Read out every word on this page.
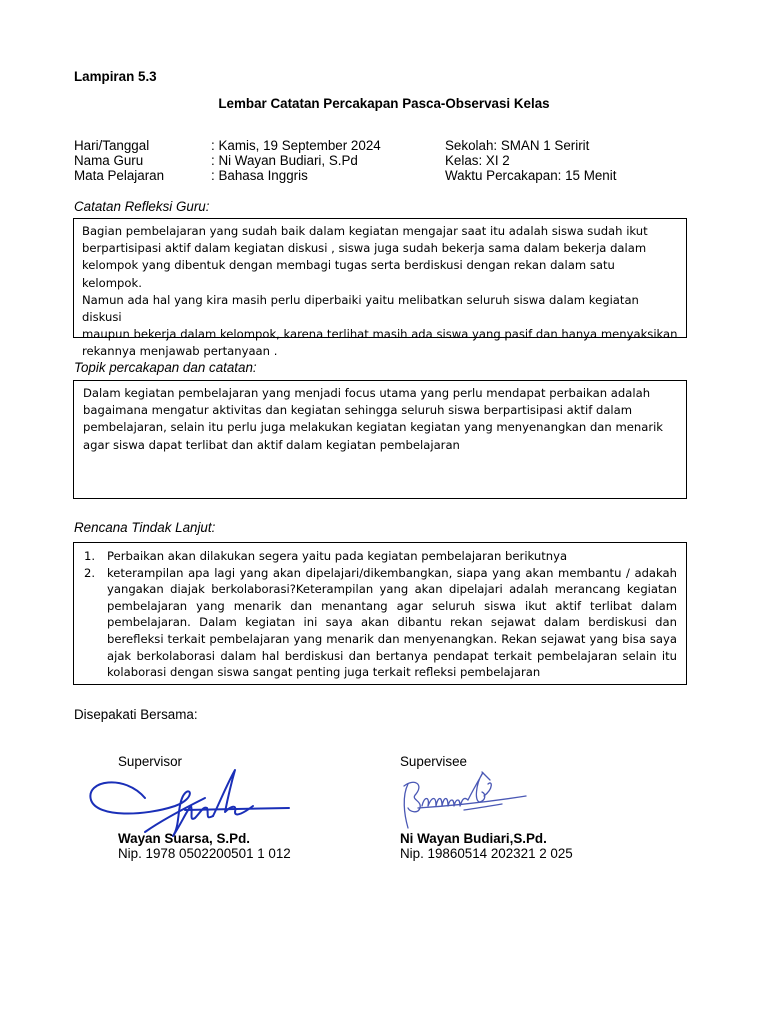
Lampiran 5.3
Lembar Catatan Percakapan Pasca-Observasi Kelas
Hari/Tanggal	: Kamis, 19 September 2024	Sekolah: SMAN 1 Seririt
Nama Guru	: Ni Wayan Budiari, S.Pd	Kelas: XI 2
Mata Pelajaran	: Bahasa Inggris	Waktu Percakapan: 15 Menit
Catatan Refleksi Guru:

Bagian pembelajaran yang sudah baik dalam kegiatan mengajar saat itu adalah siswa sudah ikut

berpartisipasi aktif dalam kegiatan diskusi , siswa juga sudah bekerja sama dalam bekerja dalam

kelompok yang dibentuk dengan membagi tugas serta berdiskusi dengan rekan dalam satu kelompok.

Namun ada hal yang kira masih perlu diperbaiki yaitu melibatkan seluruh siswa dalam kegiatan diskusi

maupun bekerja dalam kelompok, karena terlihat masih ada siswa yang pasif dan hanya menyaksikan

rekannya menjawab pertanyaan .

Topik percakapan dan catatan:

Dalam kegiatan pembelajaran yang menjadi focus utama yang perlu mendapat perbaikan adalah

bagaimana mengatur aktivitas dan kegiatan sehingga seluruh siswa berpartisipasi aktif dalam

pembelajaran, selain itu perlu juga melakukan kegiatan kegiatan yang menyenangkan dan menarik

agar siswa dapat terlibat dan aktif dalam kegiatan pembelajaran

Rencana Tindak Lanjut:
1. Perbaikan akan dilakukan segera yaitu pada kegiatan pembelajaran berikutnya
2. keterampilan apa lagi yang akan dipelajari/dikembangkan, siapa yang akan membantu / adakah yangakan diajak berkolaborasi?Keterampilan yang akan dipelajari adalah merancang kegiatan pembelajaran yang menarik dan menantang agar seluruh siswa ikut aktif terlibat dalam pembelajaran. Dalam kegiatan ini saya akan dibantu rekan sejawat dalam berdiskusi dan berefleksi terkait pembelajaran yang menarik dan menyenangkan. Rekan sejawat yang bisa saya ajak berkolaborasi dalam hal berdiskusi dan bertanya pendapat terkait pembelajaran selain itu kolaborasi dengan siswa sangat penting juga terkait refleksi pembelajaran
Disepakati Bersama:
Supervisor	Supervisee
Wayan Suarsa, S.Pd.
Nip. 1978 0502200501 1 012
Ni Wayan Budiari,S.Pd.
Nip. 19860514 202321 2 025
